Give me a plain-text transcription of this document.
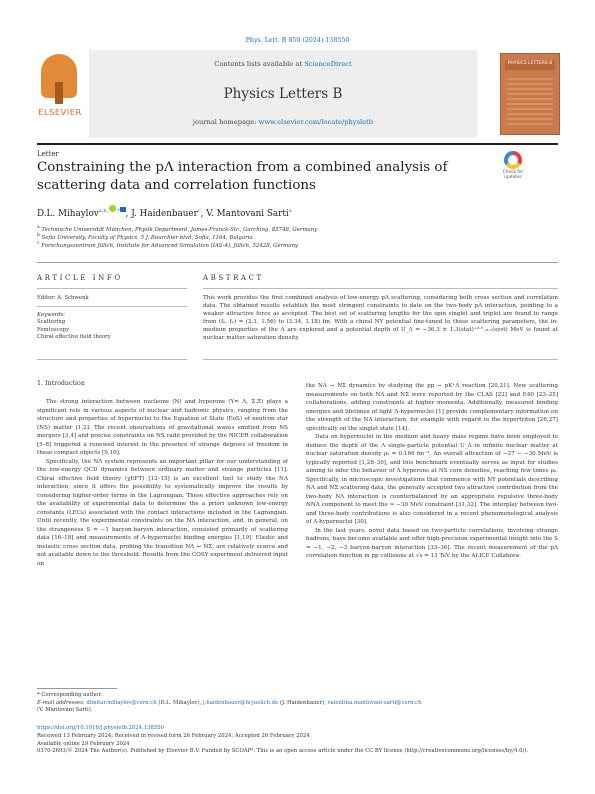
Phys. Lett. B 850 (2024) 138550
ELSEVIER
Contents lists available at ScienceDirect
Physics Letters B
journal homepage: www.elsevier.com/locate/physletb
PHYSICS LETTERS B
Letter
Check for updates
Constraining the pΛ interaction from a combined analysis of scattering data and correlation functions
D.L. Mihaylov$^{a,b,}$ * , J. Haidenbauer$^c$, V. Mantovani Sarti$^a$
$^a$ Technische Universität München, Physik Department, James-Franck-Str., Garching, 85748, Germany
$^b$ Sofia University, Faculty of Physics, 5 J. Bourchier blvd, Sofia, 1164, Bulgaria
$^c$ Forschungszentrum Jülich, Institute for Advanced Simulation (IAS-4), Jülich, 52428, Germany
ARTICLE INFO	ABSTRACT
Editor: A. Schwenk
Keywords:
Scattering
Femtoscopy
Chiral effective field theory
This work provides the first combined analysis of low-energy pΛ scattering, considering both cross section and correlation data. The obtained results establish the most stringent constraints to date on the two-body pΛ interaction, pointing to a weaker attractive force as accepted. The best set of scattering lengths for the spin singlet and triplet are found to range from (f₀, f₁) = (2.1, 1.56) to (3.34, 1.18) fm. With a chiral NY potential fine-tuned to these scattering parameters, the in-medium properties of the Λ are explored and a potential depth of U_Λ = −36.3 ± 1.3(stat)⁺²·⁵₋₆.₂(syst) MeV is found at nuclear matter saturation density.
1. Introduction

The strong interaction between nucleons (N) and hyperons (Y= Λ, Σ,Ξ) plays a significant role in various aspects of nuclear and hadronic physics, ranging from the structure and properties of hypernuclei to the Equation of State (EoS) of neutron star (NS) matter [1,2]. The recent observations of gravitational waves emitted from NS mergers [3,4] and precise constraints on NS radii provided by the NICER collaboration [5–8] triggered a renewed interest in the presence of strange degrees of freedom in these compact objects [9,10].

Specifically, the NΛ system represents an important pillar for our understanding of the low-energy QCD dynamics between ordinary matter and strange particles [11]. Chiral effective field theory (χEFT) [12–15] is an excellent tool to study the NΛ interaction, since it offers the possibility to systematically improve the results by considering higher-order terms in the Lagrangian. These effective approaches rely on the availability of experimental data to determine the a priori unknown low-energy constants (LECs) associated with the contact interactions included in the Lagrangian. Until recently, the experimental constraints on the NΛ interaction, and, in general, on the strangeness S = −1 baryon-baryon interaction, consisted primarily of scattering data [16–18] and measurements of Λ-hypernuclei binding energies [1,19]. Elastic and inelastic cross section data, probing the transition NΛ ↔ NΣ, are relatively scarce and not available down to the threshold. Results from the COSY experiment delivered input on

the NΛ → NΣ dynamics by studying the pp → pK⁺Λ reaction [20,21]. New scattering measurements on both NΛ and NΣ were reported by the CLAS [22] and E40 [23–25] collaborations, adding constraints at higher momenta. Additionally, measured binding energies and lifetimes of light Λ-hypernuclei [1] provide complementary information on the strength of the NΛ interaction, for example with regard to the hypertriton [26,27] specifically on the singlet state [14].

Data on hypernuclei in the medium and heavy mass regime have been employed to deduce the depth of the Λ single-particle potential U_Λ in infinite nuclear matter at nuclear saturation density ρ₀ = 0.166 fm⁻³. An overall attraction of −27 − −30 MeV is typically reported [1,28–30], and this benchmark eventually serves as input for studies aiming to infer the behavior of Λ hyperons at NS core densities, reaching few times ρ₀. Specifically, in microscopic investigations that commence with NY potentials describing NΛ and NΣ scattering data, the generally accepted two attractive contribution from the two-body NΛ interaction is counterbalanced by an appropriate repulsive three-body NNΛ component to meet the ≈ −30 MeV constraint [31,32]. The interplay between two- and three-body contributions is also considered in a recent phenomenological analysis of Λ-hypernuclei [30].

In the last years, novel data based on two-particle correlations, involving strange hadrons, have become available and offer high-precision experimental insight into the S = −1, −2, −3 baryon-baryon interaction [33–36]. The recent measurement of the pΛ correlation function in pp collisions at √s = 13 TeV by the ALICE Collabora-

* Corresponding author.
E-mail addresses: dimitar.mihaylov@cern.ch (D.L. Mihaylov), j.haidenbauer@fz-juelich.de (J. Haidenbauer), valentina.mantovani-sarti@cern.ch
(V. Mantovani Sarti).
https://doi.org/10.1016/j.physletb.2024.138550
Received 13 February 2024; Received in revised form 26 February 2024; Accepted 26 February 2024
Available online 29 February 2024
0370-2693/© 2024 The Author(s). Published by Elsevier B.V. Funded by SCOAP³. This is an open access article under the CC BY license (http://creativecommons.org/licenses/by/4.0/).
